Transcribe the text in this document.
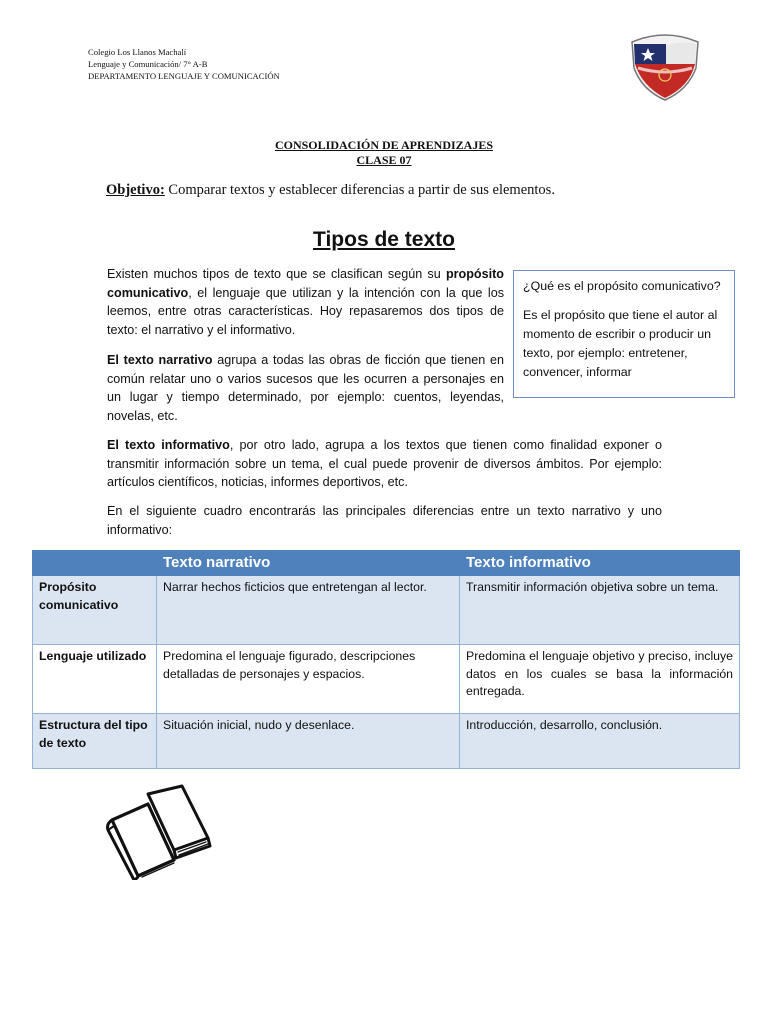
Colegio Los Llanos Machalí
Lenguaje y Comunicación/ 7° A-B
DEPARTAMENTO LENGUAJE Y COMUNICACIÓN
CONSOLIDACIÓN DE APRENDIZAJES
CLASE 07
Objetivo: Comparar textos y establecer diferencias a partir de sus elementos.
Tipos de texto
Existen muchos tipos de texto que se clasifican según su propósito comunicativo, el lenguaje que utilizan y la intención con la que los leemos, entre otras características. Hoy repasaremos dos tipos de texto: el narrativo y el informativo.
El texto narrativo agrupa a todas las obras de ficción que tienen en común relatar uno o varios sucesos que les ocurren a personajes en un lugar y tiempo determinado, por ejemplo: cuentos, leyendas, novelas, etc.
El texto informativo, por otro lado, agrupa a los textos que tienen como finalidad exponer o transmitir información sobre un tema, el cual puede provenir de diversos ámbitos. Por ejemplo: artículos científicos, noticias, informes deportivos, etc.
En el siguiente cuadro encontrarás las principales diferencias entre un texto narrativo y uno informativo:
¿Qué es el propósito comunicativo?
Es el propósito que tiene el autor al momento de escribir o producir un texto, por ejemplo: entretener, convencer, informar
	Texto narrativo	Texto informativo
Propósito comunicativo	Narrar hechos ficticios que entretengan al lector.	Transmitir información objetiva sobre un tema.
Lenguaje utilizado	Predomina el lenguaje figurado, descripciones detalladas de personajes y espacios.	Predomina el lenguaje objetivo y preciso, incluye datos en los cuales se basa la información entregada.
Estructura del tipo de texto	Situación inicial, nudo y desenlace.	Introducción, desarrollo, conclusión.
